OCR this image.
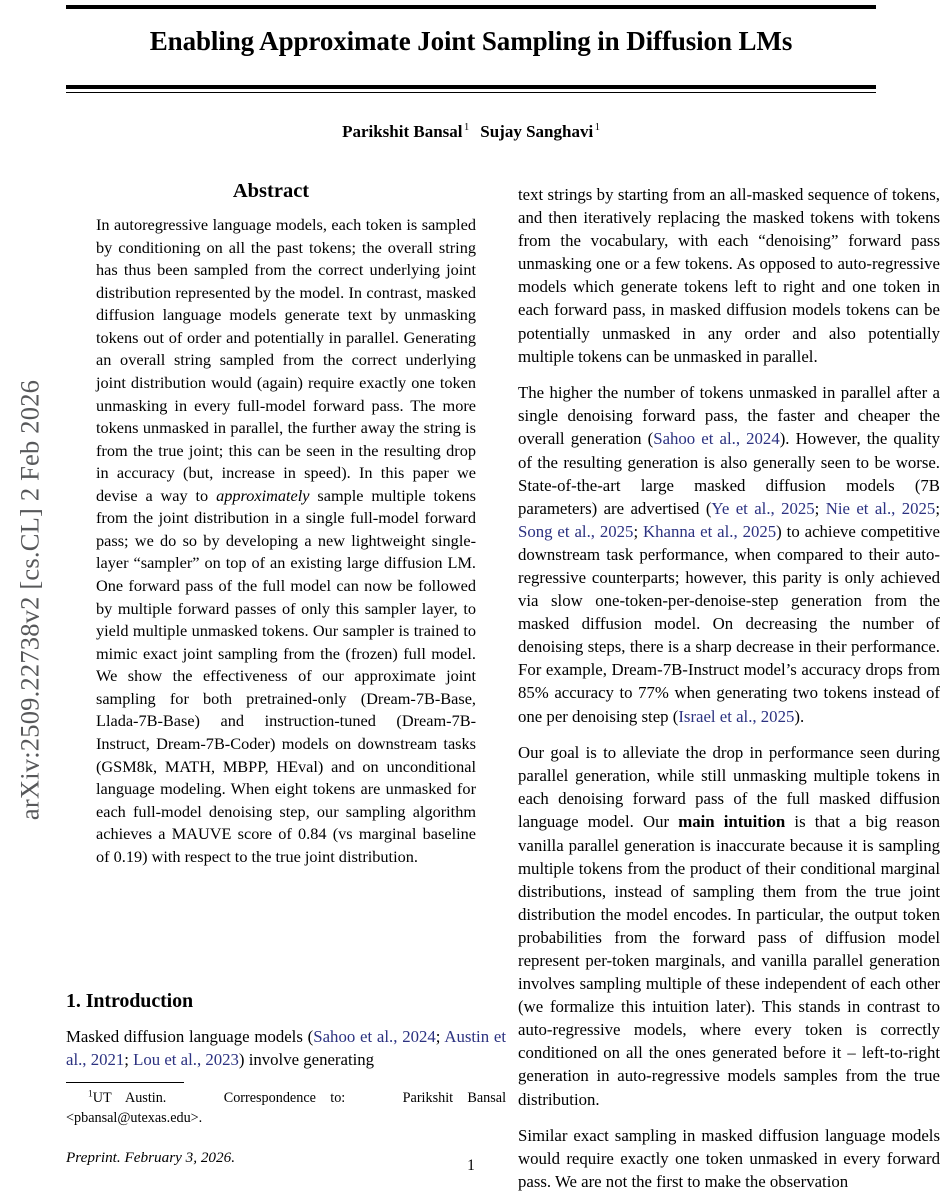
arXiv:2509.22738v2 [cs.CL] 2 Feb 2026
Enabling Approximate Joint Sampling in Diffusion LMs
Parikshit Bansal $^1$ Sujay Sanghavi $^1$
Abstract
In autoregressive language models, each token is sampled by conditioning on all the past tokens; the overall string has thus been sampled from the correct underlying joint distribution represented by the model. In contrast, masked diffusion language models generate text by unmasking tokens out of order and potentially in parallel. Generating an overall string sampled from the correct underlying joint distribution would (again) require exactly one token unmasking in every full-model forward pass. The more tokens unmasked in parallel, the further away the string is from the true joint; this can be seen in the resulting drop in accuracy (but, increase in speed). In this paper we devise a way to approximately sample multiple tokens from the joint distribution in a single full-model forward pass; we do so by developing a new lightweight single-layer “sampler” on top of an existing large diffusion LM. One forward pass of the full model can now be followed by multiple forward passes of only this sampler layer, to yield multiple unmasked tokens. Our sampler is trained to mimic exact joint sampling from the (frozen) full model. We show the effectiveness of our approximate joint sampling for both pretrained-only (Dream-7B-Base, Llada-7B-Base) and instruction-tuned (Dream-7B-Instruct, Dream-7B-Coder) models on downstream tasks (GSM8k, MATH, MBPP, HEval) and on unconditional language modeling. When eight tokens are unmasked for each full-model denoising step, our sampling algorithm achieves a MAUVE score of 0.84 (vs marginal baseline of 0.19) with respect to the true joint distribution.
1. Introduction

Masked diffusion language models (Sahoo et al., 2024; Austin et al., 2021; Lou et al., 2023) involve generating

$^1$UT Austin.	Correspondence to:	Parikshit Bansal <pbansal@utexas.edu>.

Preprint. February 3, 2026.

text strings by starting from an all-masked sequence of tokens, and then iteratively replacing the masked tokens with tokens from the vocabulary, with each “denoising” forward pass unmasking one or a few tokens. As opposed to auto-regressive models which generate tokens left to right and one token in each forward pass, in masked diffusion models tokens can be potentially unmasked in any order and also potentially multiple tokens can be unmasked in parallel.

The higher the number of tokens unmasked in parallel after a single denoising forward pass, the faster and cheaper the overall generation (Sahoo et al., 2024). However, the quality of the resulting generation is also generally seen to be worse. State-of-the-art large masked diffusion models (7B parameters) are advertised (Ye et al., 2025; Nie et al., 2025; Song et al., 2025; Khanna et al., 2025) to achieve competitive downstream task performance, when compared to their auto-regressive counterparts; however, this parity is only achieved via slow one-token-per-denoise-step generation from the masked diffusion model. On decreasing the number of denoising steps, there is a sharp decrease in their performance. For example, Dream-7B-Instruct model’s accuracy drops from 85% accuracy to 77% when generating two tokens instead of one per denoising step (Israel et al., 2025).

Our goal is to alleviate the drop in performance seen during parallel generation, while still unmasking multiple tokens in each denoising forward pass of the full masked diffusion language model. Our main intuition is that a big reason vanilla parallel generation is inaccurate because it is sampling multiple tokens from the product of their conditional marginal distributions, instead of sampling them from the true joint distribution the model encodes. In particular, the output token probabilities from the forward pass of diffusion model represent per-token marginals, and vanilla parallel generation involves sampling multiple of these independent of each other (we formalize this intuition later). This stands in contrast to auto-regressive models, where every token is correctly conditioned on all the ones generated before it – left-to-right generation in auto-regressive models samples from the true distribution.

Similar exact sampling in masked diffusion language models would require exactly one token unmasked in every forward pass. We are not the first to make the observation

1
